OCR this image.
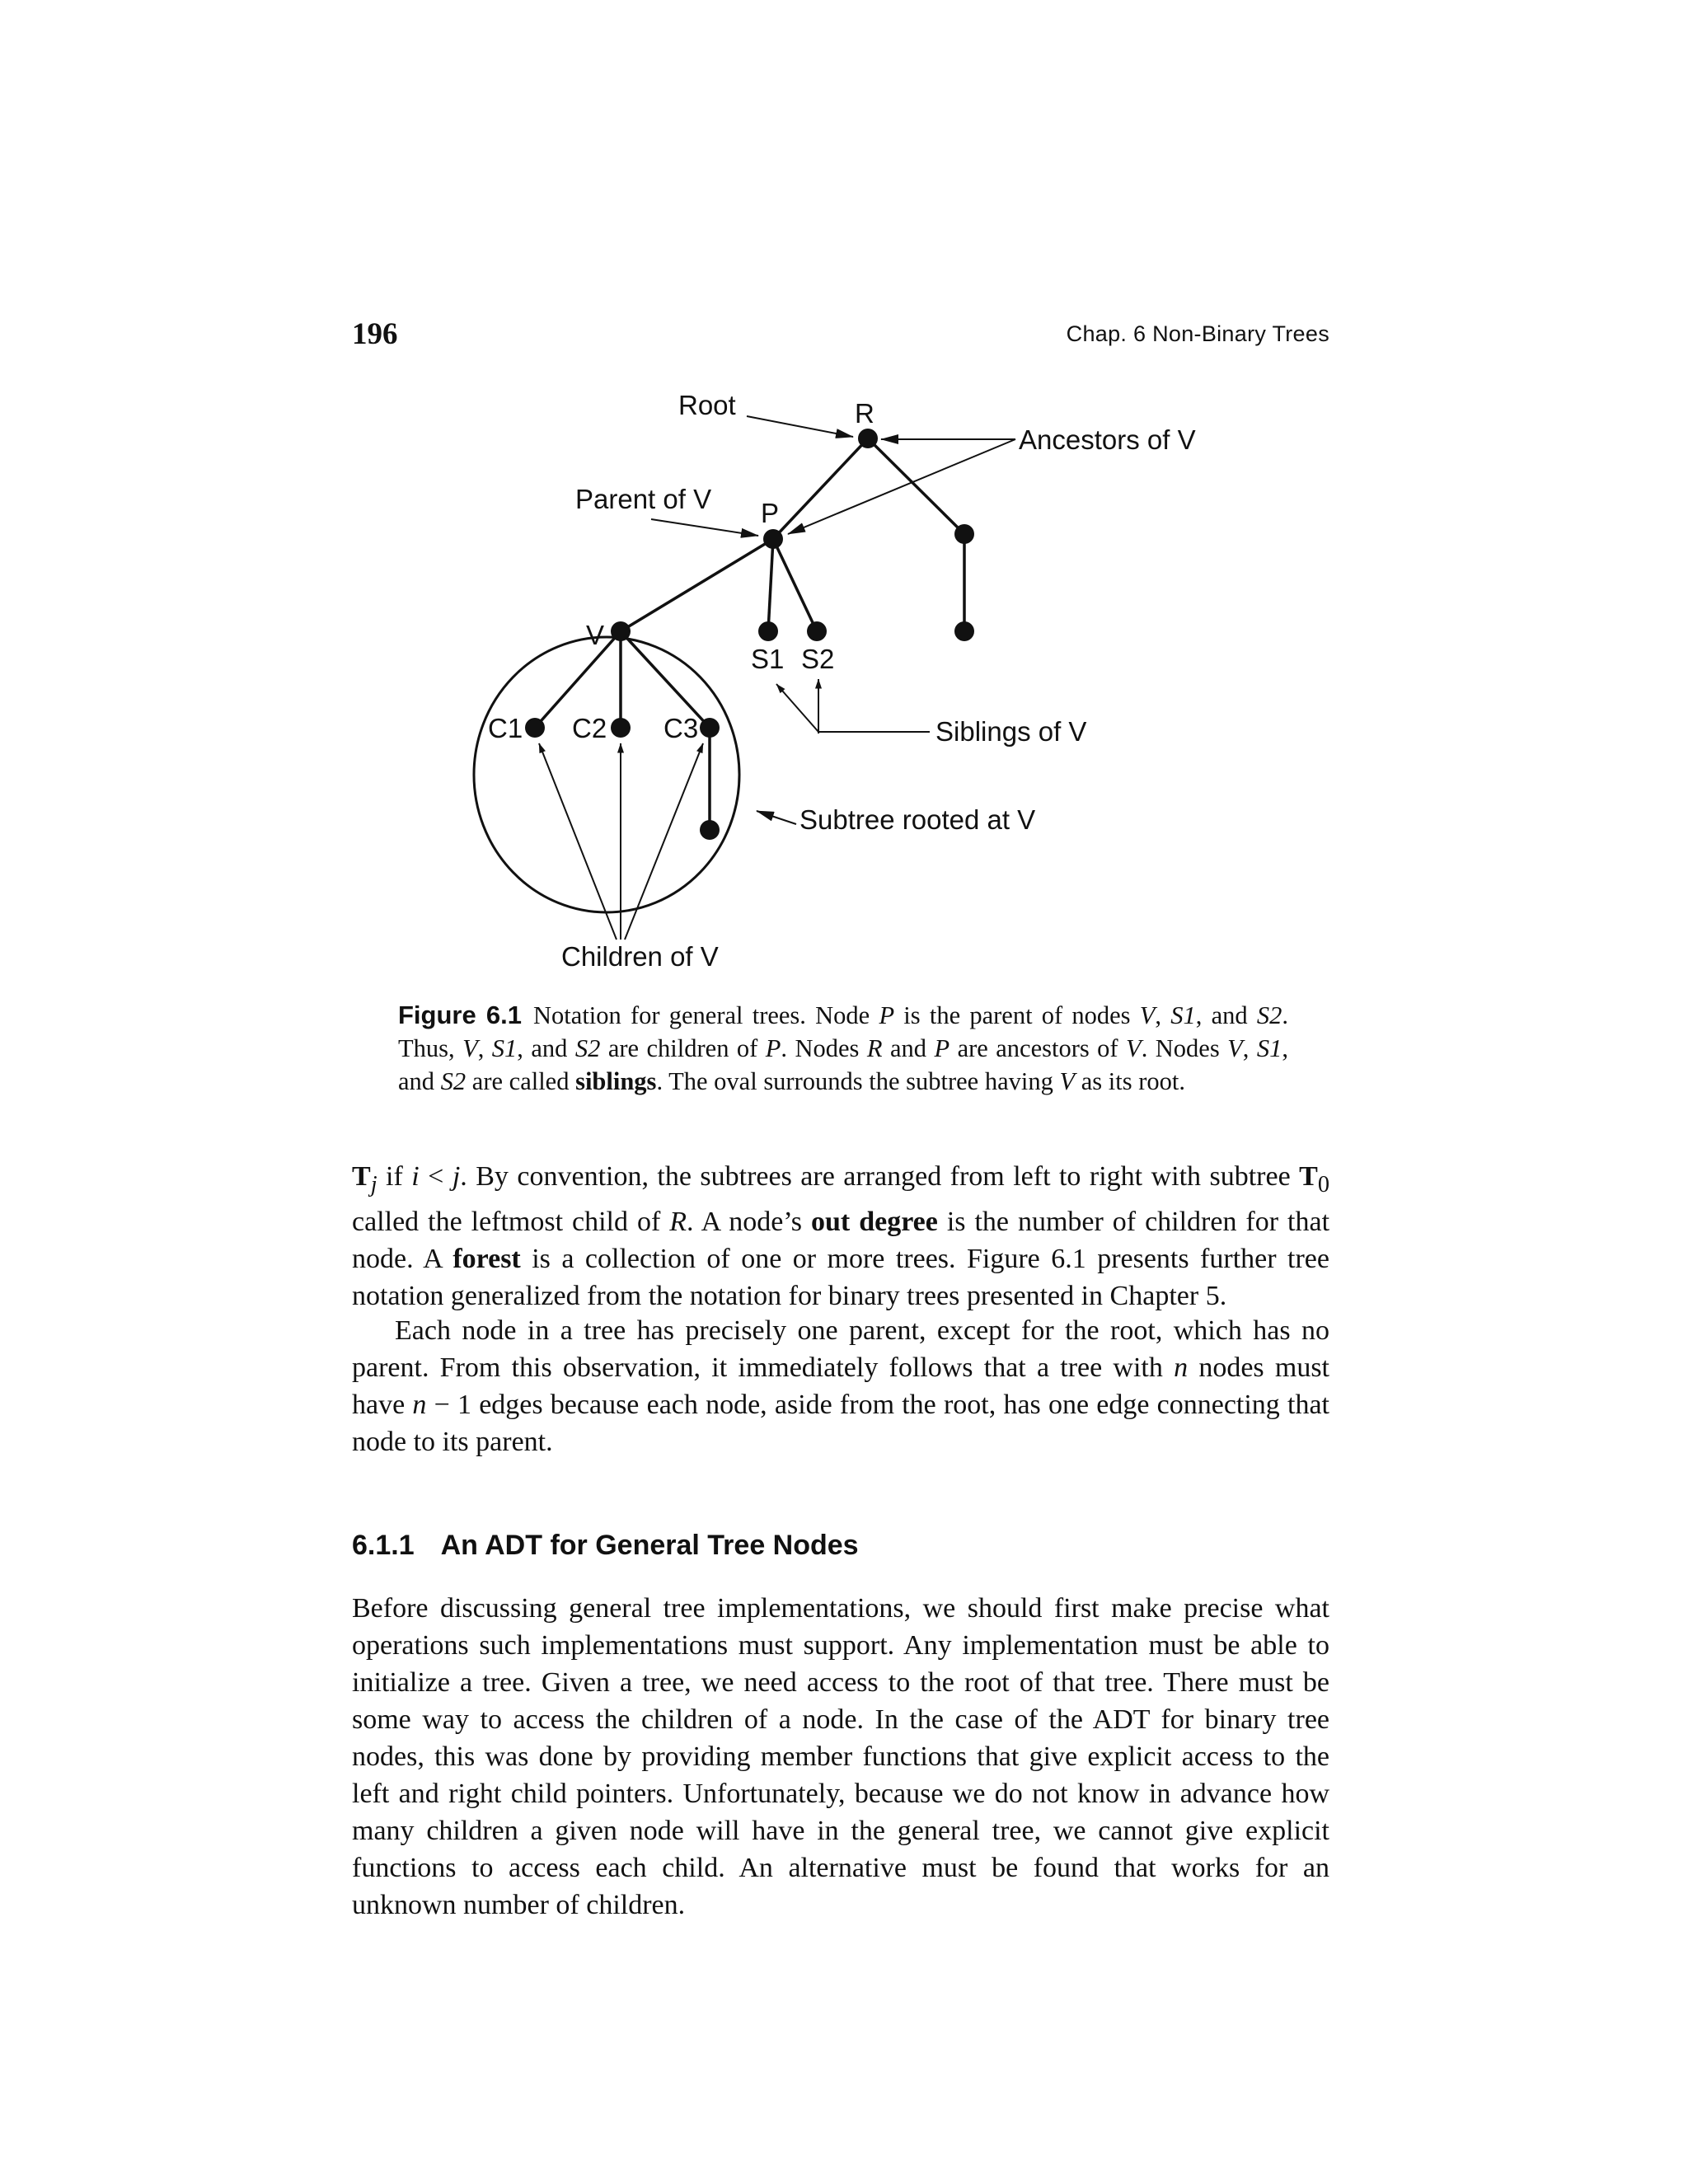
196	Chap. 6 Non-Binary Trees
R
P
V
S1 S2
C1 C2 C3
Root
Ancestors of V
Parent of V
Siblings of V
Subtree rooted at V
Children of V
Figure 6.1 Notation for general trees. Node P is the parent of nodes V, S1, and S2. Thus, V, S1, and S2 are children of P. Nodes R and P are ancestors of V. Nodes V, S1, and S2 are called siblings. The oval surrounds the subtree having V as its root.

$T_j$ if i < j. By convention, the subtrees are arranged from left to right with subtree $T_0$ called the leftmost child of R. A node’s out degree is the number of children for that node. A forest is a collection of one or more trees. Figure 6.1 presents further tree notation generalized from the notation for binary trees presented in Chapter 5.

Each node in a tree has precisely one parent, except for the root, which has no parent. From this observation, it immediately follows that a tree with n nodes must have n − 1 edges because each node, aside from the root, has one edge connecting that node to its parent.

6.1.1 An ADT for General Tree Nodes

Before discussing general tree implementations, we should first make precise what operations such implementations must support. Any implementation must be able to initialize a tree. Given a tree, we need access to the root of that tree. There must be some way to access the children of a node. In the case of the ADT for binary tree nodes, this was done by providing member functions that give explicit access to the left and right child pointers. Unfortunately, because we do not know in advance how many children a given node will have in the general tree, we cannot give explicit functions to access each child. An alternative must be found that works for an unknown number of children.
